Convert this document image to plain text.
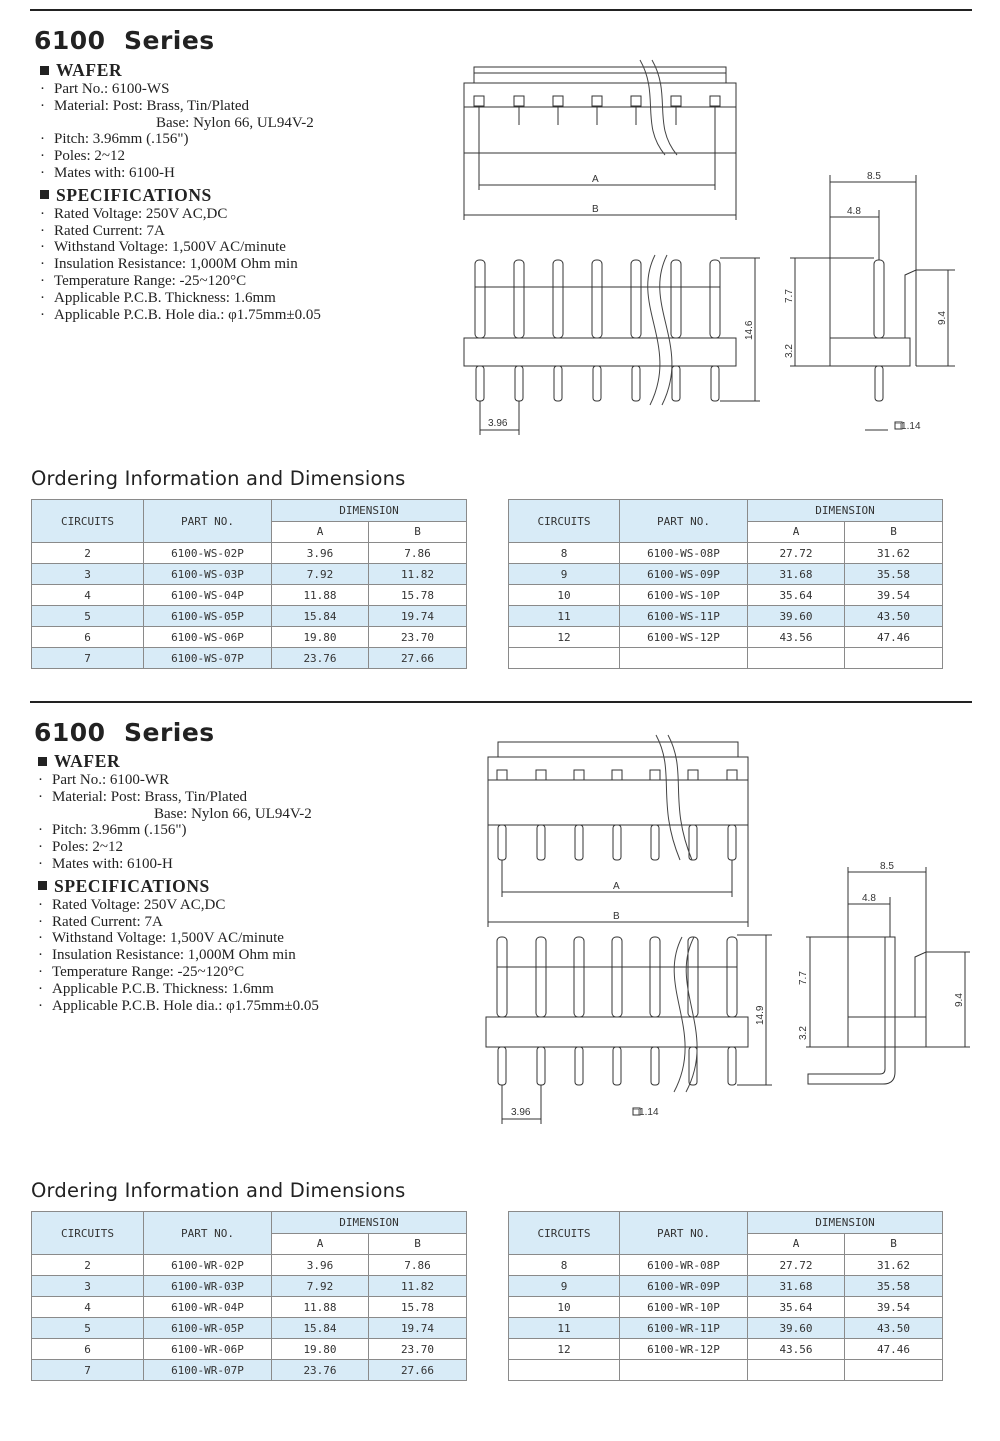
6100  Series
WAFER
· Part No.: 6100-WS
· Material: Post: Brass, Tin/Plated
Base: Nylon 66, UL94V-2
· Pitch: 3.96mm (.156")
· Poles: 2~12
· Mates with: 6100-H
SPECIFICATIONS
· Rated Voltage: 250V AC,DC
· Rated Current: 7A
· Withstand Voltage: 1,500V AC/minute
· Insulation Resistance: 1,000M Ohm min
· Temperature Range: -25~120°C
· Applicable P.C.B. Thickness: 1.6mm
· Applicable P.C.B. Hole dia.: φ1.75mm±0.05
A
B
3.96
14.6
8.5
4.8
7.7
3.2
9.4
□1.14
Ordering Information and Dimensions
CIRCUITS	PART NO.	DIMENSION	
		A	B
2	6100-WS-02P	3.96	7.86
3	6100-WS-03P	7.92	11.82
4	6100-WS-04P	11.88	15.78
5	6100-WS-05P	15.84	19.74
6	6100-WS-06P	19.80	23.70
7	6100-WS-07P	23.76	27.66
CIRCUITS	PART NO.	DIMENSION	
		A	B
8	6100-WS-08P	27.72	31.62
9	6100-WS-09P	31.68	35.58
10	6100-WS-10P	35.64	39.54
11	6100-WS-11P	39.60	43.50
12	6100-WS-12P	43.56	47.46

6100  Series
WAFER
· Part No.: 6100-WR
· Material: Post: Brass, Tin/Plated
Base: Nylon 66, UL94V-2
· Pitch: 3.96mm (.156")
· Poles: 2~12
· Mates with: 6100-H
SPECIFICATIONS
· Rated Voltage: 250V AC,DC
· Rated Current: 7A
· Withstand Voltage: 1,500V AC/minute
· Insulation Resistance: 1,000M Ohm min
· Temperature Range: -25~120°C
· Applicable P.C.B. Thickness: 1.6mm
· Applicable P.C.B. Hole dia.: φ1.75mm±0.05
A
B
3.96
14.9
8.5
4.8
7.7
3.2
9.4
□1.14
Ordering Information and Dimensions
CIRCUITS	PART NO.	DIMENSION	
		A	B
2	6100-WR-02P	3.96	7.86
3	6100-WR-03P	7.92	11.82
4	6100-WR-04P	11.88	15.78
5	6100-WR-05P	15.84	19.74
6	6100-WR-06P	19.80	23.70
7	6100-WR-07P	23.76	27.66
CIRCUITS	PART NO.	DIMENSION	
		A	B
8	6100-WR-08P	27.72	31.62
9	6100-WR-09P	31.68	35.58
10	6100-WR-10P	35.64	39.54
11	6100-WR-11P	39.60	43.50
12	6100-WR-12P	43.56	47.46
